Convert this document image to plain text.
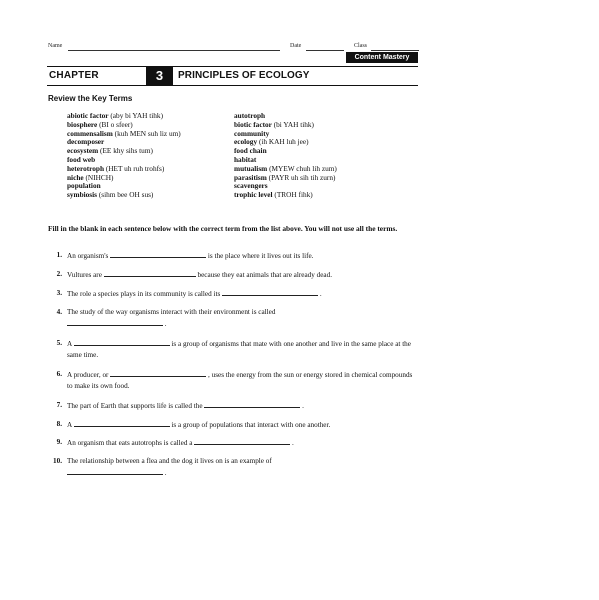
Name	Date	Class
Content Mastery
CHAPTER	3	PRINCIPLES OF ECOLOGY
Review the Key Terms
abiotic factor (aby bi YAH tihk)
biosphere (BI o sfeer)
commensalism (kuh MEN suh liz um)
decomposer
ecosystem (EE khy sihs tum)
food web
heterotroph (HET uh ruh trohfs)
niche (NIHCH)
population
symbiosis (sihm bee OH sus)
autotroph
biotic factor (bi YAH tihk)
community
ecology (ih KAH luh jee)
food chain
habitat
mutualism (MYEW chuh lih zum)
parasitism (PAYR uh sih tih zurn)
scavengers
trophic level (TROH fihk)
Fill in the blank in each sentence below with the correct term from the list above. You will not use all the terms.
1. An organism's	is the place where it lives out its life.
2. Vultures are	because they eat animals that are already dead.
3. The role a species plays in its community is called its	.
4. The study of the way organisms interact with their environment is called
.
5. A	is a group of organisms that mate with one another and live in the same place at the same time.
6. A producer, or	, uses the energy from the sun or energy stored in chemical compounds to make its own food.
7. The part of Earth that supports life is called the	.
8. A	is a group of populations that interact with one another.
9. An organism that eats autotrophs is called a	.
10. The relationship between a flea and the dog it lives on is an example of
.
